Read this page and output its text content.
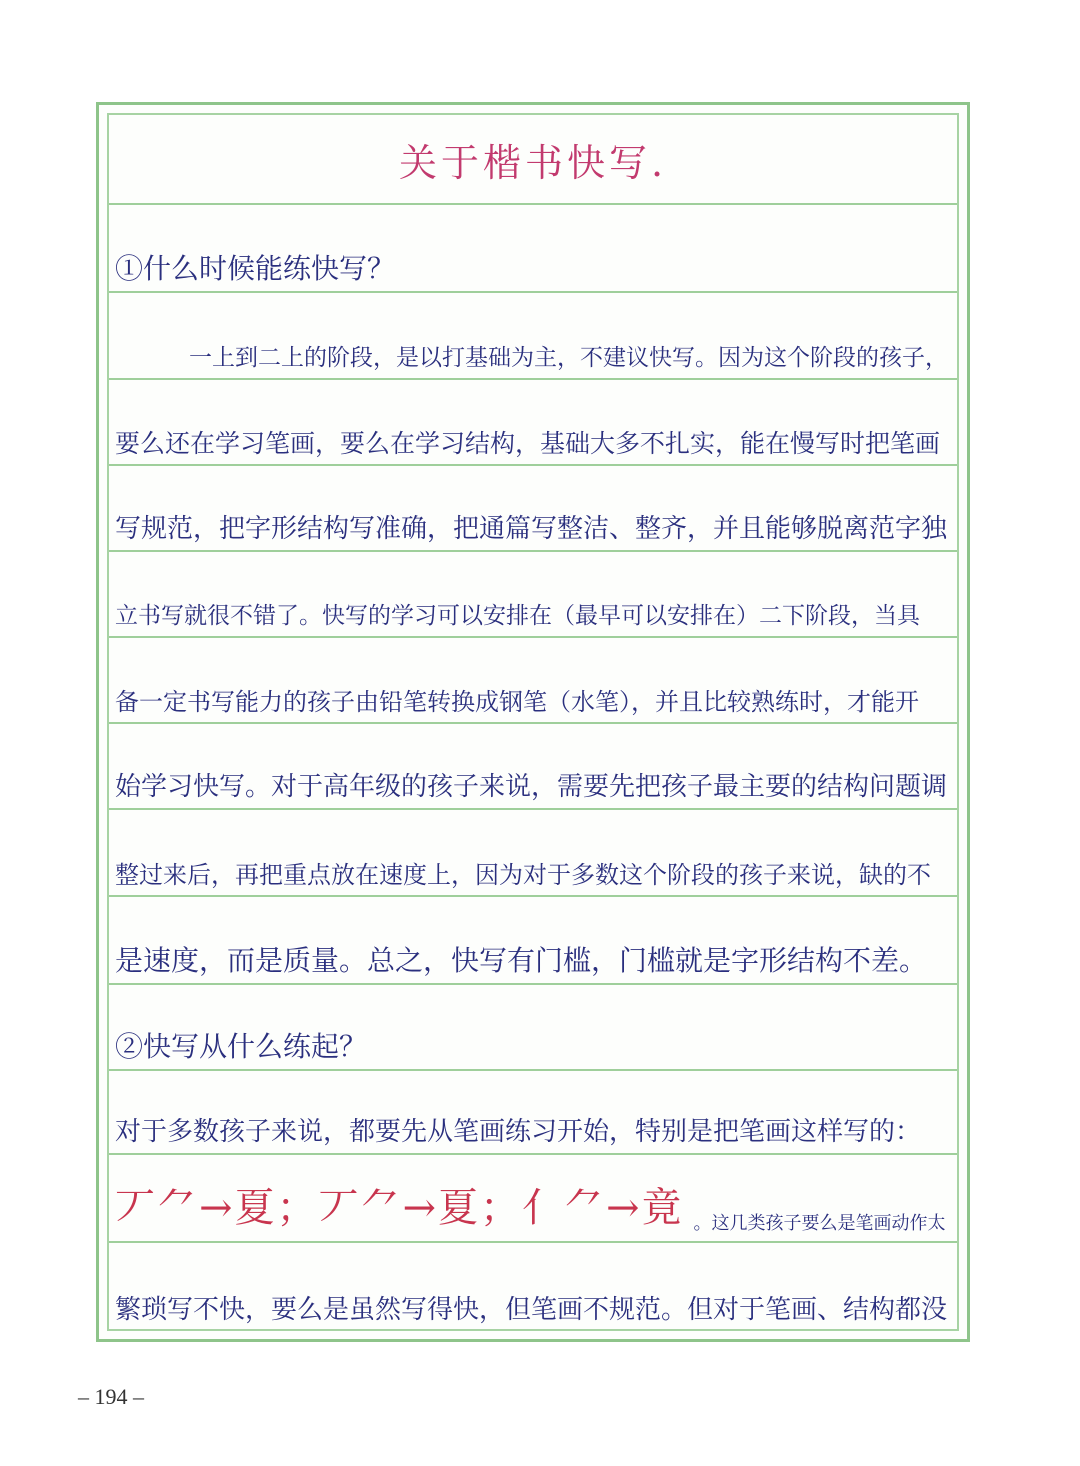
关于楷书快写.
①什么时候能练快写？
一上到二上的阶段，是以打基础为主，不建议快写。因为这个阶段的孩子，
要么还在学习笔画，要么在学习结构，基础大多不扎实，能在慢写时把笔画
写规范，把字形结构写准确，把通篇写整洁、整齐，并且能够脱离范字独
立书写就很不错了。快写的学习可以安排在（最早可以安排在）二下阶段，当具
备一定书写能力的孩子由铅笔转换成钢笔（水笔），并且比较熟练时，才能开
始学习快写。对于高年级的孩子来说，需要先把孩子最主要的结构问题调
整过来后，再把重点放在速度上，因为对于多数这个阶段的孩子来说，缺的不
是速度，而是质量。总之，快写有门槛，门槛就是字形结构不差。
②快写从什么练起？
对于多数孩子来说，都要先从笔画练习开始，特别是把笔画这样写的：
丆⺈→夏；丆⺈→夏；亻⺈→竟 。这几类孩子要么是笔画动作太
繁琐写不快，要么是虽然写得快，但笔画不规范。但对于笔画、结构都没
– 194 –
